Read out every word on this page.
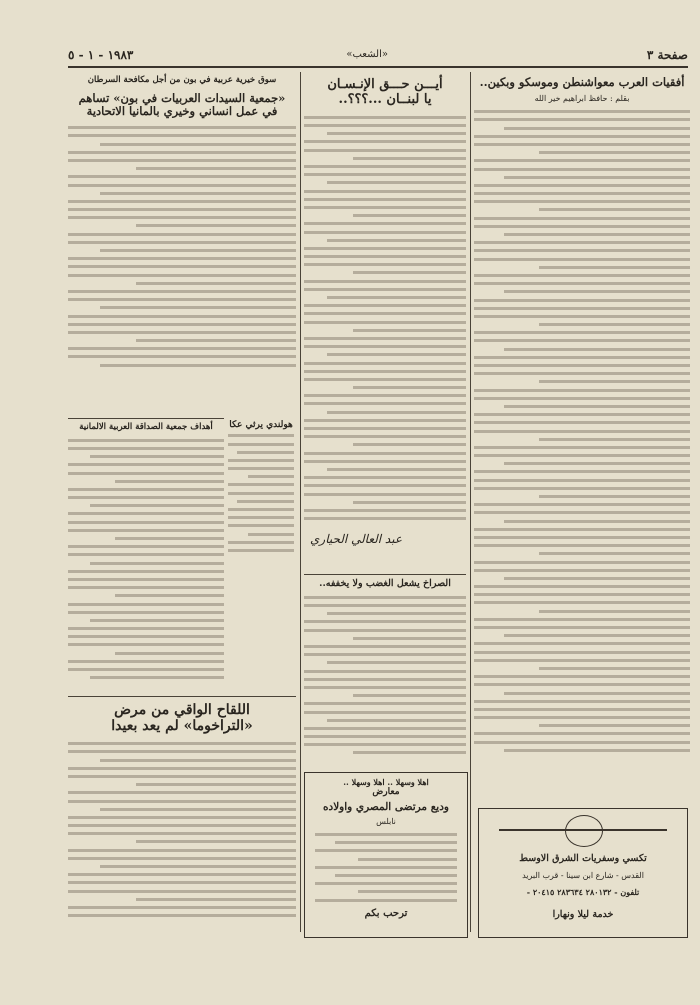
صفحة ٣
«الشعب»
١٩٨٣ - ١ - ٥
أفقيات العرب معواشنطن وموسكو وبكين..
بقلم : حافظ ابراهيم خير الله
تكسي وسفريات الشرق الاوسط
القدس - شارع ابن سينا - قرب البريد
تلفون - ٢٨٠١٣٢ ٢٨٣٦٣٤ ٢٠٤١٥ -
خدمة ليلا ونهارا
أيـــن حـــق الإنـسـان
يا لبنــان ...؟؟؟..
عبد العالي الحياري
هولندي يرثي عكا
الصراخ يشعل الغضب ولا يخففه..
سوق خيرية عربية في بون من أجل مكافحة السرطان
«جمعية السيدات العربيات في بون» تساهم
في عمل انساني وخيري بالمانيا الاتحادية
أهداف جمعية الصداقة العربية الالمانية
اللقاح الواقي من مرض
«التراخوما» لم يعد بعيدا
اهلا وسهلا .. اهلا وسهلا ..
معارض
وديع مرتضى المصري واولاده
نابلس
ترحب بكم
